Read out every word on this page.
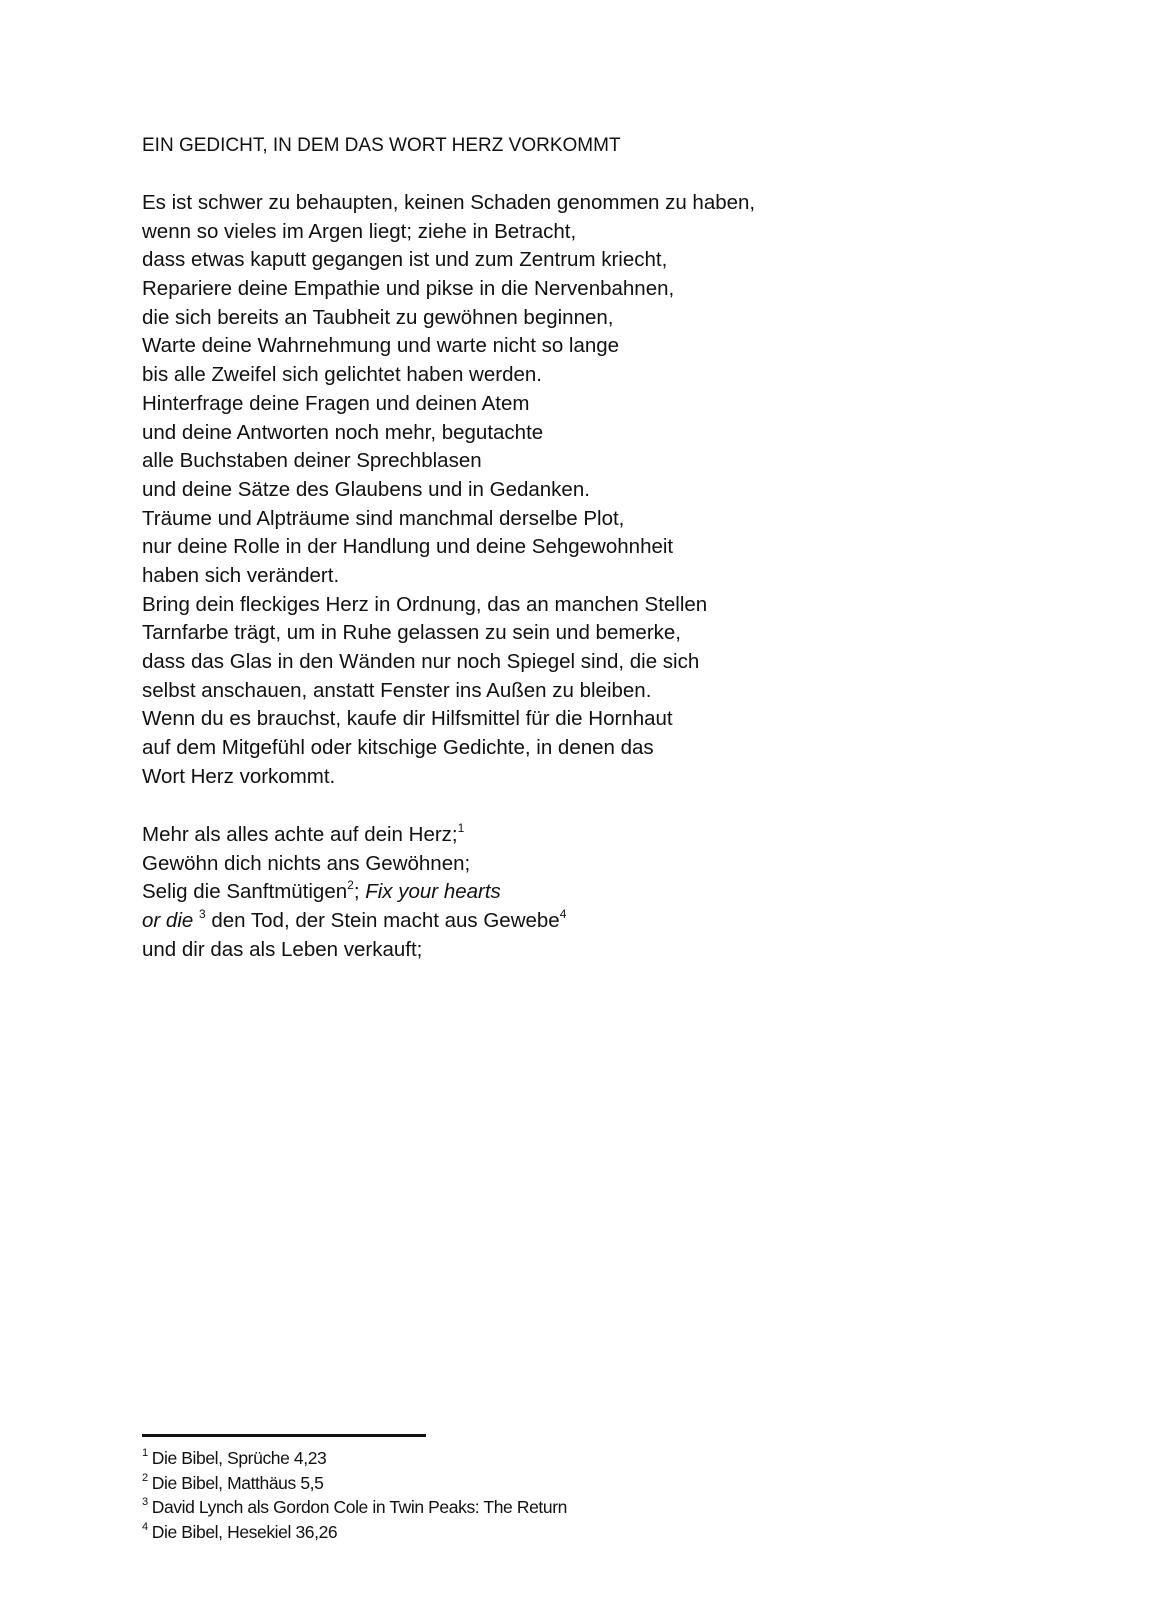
EIN GEDICHT, IN DEM DAS WORT HERZ VORKOMMT
Es ist schwer zu behaupten, keinen Schaden genommen zu haben,
wenn so vieles im Argen liegt; ziehe in Betracht,
dass etwas kaputt gegangen ist und zum Zentrum kriecht,
Repariere deine Empathie und pikse in die Nervenbahnen,
die sich bereits an Taubheit zu gewöhnen beginnen,
Warte deine Wahrnehmung und warte nicht so lange
bis alle Zweifel sich gelichtet haben werden.
Hinterfrage deine Fragen und deinen Atem
und deine Antworten noch mehr, begutachte
alle Buchstaben deiner Sprechblasen
und deine Sätze des Glaubens und in Gedanken.
Träume und Alpträume sind manchmal derselbe Plot,
nur deine Rolle in der Handlung und deine Sehgewohnheit
haben sich verändert.
Bring dein fleckiges Herz in Ordnung, das an manchen Stellen
Tarnfarbe trägt, um in Ruhe gelassen zu sein und bemerke,
dass das Glas in den Wänden nur noch Spiegel sind, die sich
selbst anschauen, anstatt Fenster ins Außen zu bleiben.
Wenn du es brauchst, kaufe dir Hilfsmittel für die Hornhaut
auf dem Mitgefühl oder kitschige Gedichte, in denen das
Wort Herz vorkommt.
Mehr als alles achte auf dein Herz;$^1$
Gewöhn dich nichts ans Gewöhnen;
Selig die Sanftmütigen$^2$; Fix your hearts
or die $^3$ den Tod, der Stein macht aus Gewebe$^4$
und dir das als Leben verkauft;
$^1$ Die Bibel, Sprüche 4,23
$^2$ Die Bibel, Matthäus 5,5
$^3$ David Lynch als Gordon Cole in Twin Peaks: The Return
$^4$ Die Bibel, Hesekiel 36,26
